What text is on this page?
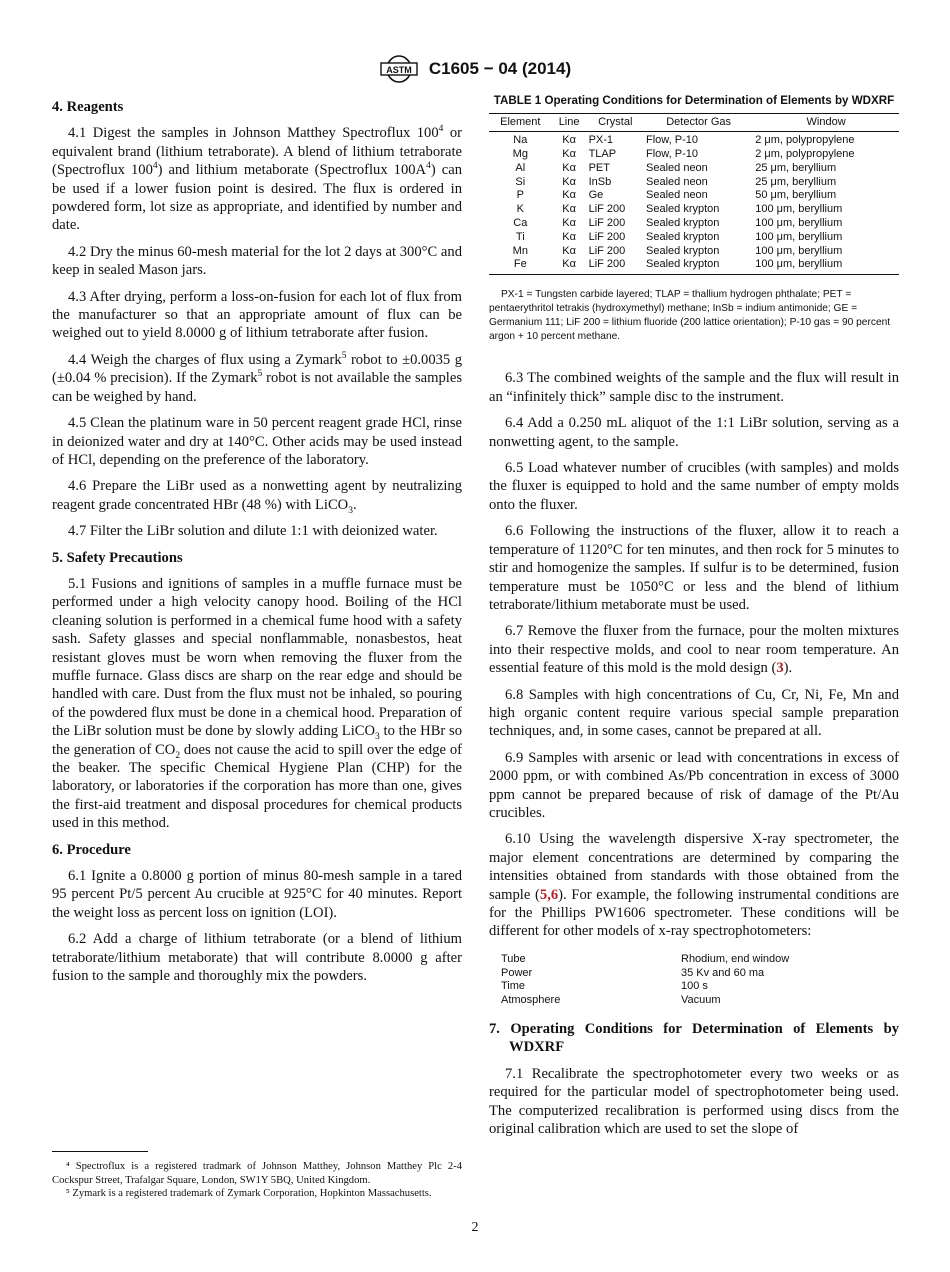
ASTM C1605 − 04 (2014)
4. Reagents

4.1 Digest the samples in Johnson Matthey Spectroflux $100^4$ or equivalent brand (lithium tetraborate). A blend of lithium tetraborate (Spectroflux $100^4$) and lithium metaborate (Spectroflux $100A^4$) can be used if a lower fusion point is desired. The flux is ordered in powdered form, lot size as appropriate, and identified by number and date.

4.2 Dry the minus 60-mesh material for the lot 2 days at 300°C and keep in sealed Mason jars.

4.3 After drying, perform a loss-on-fusion for each lot of flux from the manufacturer so that an appropriate amount of flux can be weighed out to yield 8.0000 g of lithium tetraborate after fusion.

4.4 Weigh the charges of flux using a Zymark$^5$ robot to ±0.0035 g (±0.04 % precision). If the Zymark$^5$ robot is not available the samples can be weighed by hand.

4.5 Clean the platinum ware in 50 percent reagent grade HCl, rinse in deionized water and dry at 140°C. Other acids may be used instead of HCl, depending on the preference of the laboratory.

4.6 Prepare the LiBr used as a nonwetting agent by neutralizing reagent grade concentrated HBr (48 %) with LiCO$_3$.

4.7 Filter the LiBr solution and dilute 1:1 with deionized water.

5. Safety Precautions

5.1 Fusions and ignitions of samples in a muffle furnace must be performed under a high velocity canopy hood. Boiling of the HCl cleaning solution is performed in a chemical fume hood with a safety sash. Safety glasses and special nonflammable, nonasbestos, heat resistant gloves must be worn when removing the fluxer from the muffle furnace. Glass discs are sharp on the rear edge and should be handled with care. Dust from the flux must not be inhaled, so pouring of the powdered flux must be done in a chemical hood. Preparation of the LiBr solution must be done by slowly adding LiCO$_3$ to the HBr so the generation of $CO_2$ does not cause the acid to spill over the edge of the beaker. The specific Chemical Hygiene Plan (CHP) for the laboratory, or laboratories if the corporation has more than one, gives the first-aid treatment and disposal procedures for chemical products used in this method.

6. Procedure

6.1 Ignite a 0.8000 g portion of minus 80-mesh sample in a tared 95 percent Pt/5 percent Au crucible at 925°C for 40 minutes. Report the weight loss as percent loss on ignition (LOI).

6.2 Add a charge of lithium tetraborate (or a blend of lithium tetraborate/lithium metaborate) that will contribute 8.0000 g after fusion to the sample and thoroughly mix the powders.

⁴ Spectroflux is a registered tradmark of Johnson Matthey, Johnson Matthey Plc 2-4 Cockspur Street, Trafalgar Square, London, SW1Y 5BQ, United Kingdom.

⁵ Zymark is a registered trademark of Zymark Corporation, Hopkinton Massachusetts.

TABLE 1 Operating Conditions for Determination of Elements by WDXRF
Element	Line	Crystal	Detector Gas	Window
Na	Kα	PX-1	Flow, P-10	2 μm, polypropylene
Mg	Kα	TLAP	Flow, P-10	2 μm, polypropylene
Al	Kα	PET	Sealed neon	25 μm, beryllium
Si	Kα	InSb	Sealed neon	25 μm, beryllium
P	Kα	Ge	Sealed neon	50 μm, beryllium
K	Kα	LiF 200	Sealed krypton	100 μm, beryllium
Ca	Kα	LiF 200	Sealed krypton	100 μm, beryllium
Ti	Kα	LiF 200	Sealed krypton	100 μm, beryllium
Mn	Kα	LiF 200	Sealed krypton	100 μm, beryllium
Fe	Kα	LiF 200	Sealed krypton	100 μm, beryllium
PX-1 = Tungsten carbide layered; TLAP = thallium hydrogen phthalate; PET = pentaerythritol tetrakis (hydroxymethyl) methane; InSb = indium antimonide; GE = Germanium 111; LiF 200 = lithium fluoride (200 lattice orientation); P-10 gas = 90 percent argon + 10 percent methane.

6.3 The combined weights of the sample and the flux will result in an “infinitely thick” sample disc to the instrument.

6.4 Add a 0.250 mL aliquot of the 1:1 LiBr solution, serving as a nonwetting agent, to the sample.

6.5 Load whatever number of crucibles (with samples) and molds the fluxer is equipped to hold and the same number of empty molds onto the fluxer.

6.6 Following the instructions of the fluxer, allow it to reach a temperature of 1120°C for ten minutes, and then rock for 5 minutes to stir and homogenize the samples. If sulfur is to be determined, fusion temperature must be 1050°C or less and the blend of lithium tetraborate/lithium metaborate must be used.

6.7 Remove the fluxer from the furnace, pour the molten mixtures into their respective molds, and cool to near room temperature. An essential feature of this mold is the mold design (3).

6.8 Samples with high concentrations of Cu, Cr, Ni, Fe, Mn and high organic content require various special sample preparation techniques, and, in some cases, cannot be prepared at all.

6.9 Samples with arsenic or lead with concentrations in excess of 2000 ppm, or with combined As/Pb concentration in excess of 3000 ppm cannot be prepared because of risk of damage of the Pt/Au crucibles.

6.10 Using the wavelength dispersive X-ray spectrometer, the major element concentrations are determined by comparing the intensities obtained from standards with those obtained from the sample (5,6). For example, the following instrumental conditions are for the Phillips PW1606 spectrometer. These conditions will be different for other models of x-ray spectrophotometers:

Tube	Rhodium, end window
Power	35 Kv and 60 ma
Time	100 s
Atmosphere	Vacuum
7. Operating Conditions for Determination of Elements by WDXRF

7.1 Recalibrate the spectrophotometer every two weeks or as required for the particular model of spectrophotometer being used. The computerized recalibration is performed using discs from the original calibration which are used to set the slope of

2
